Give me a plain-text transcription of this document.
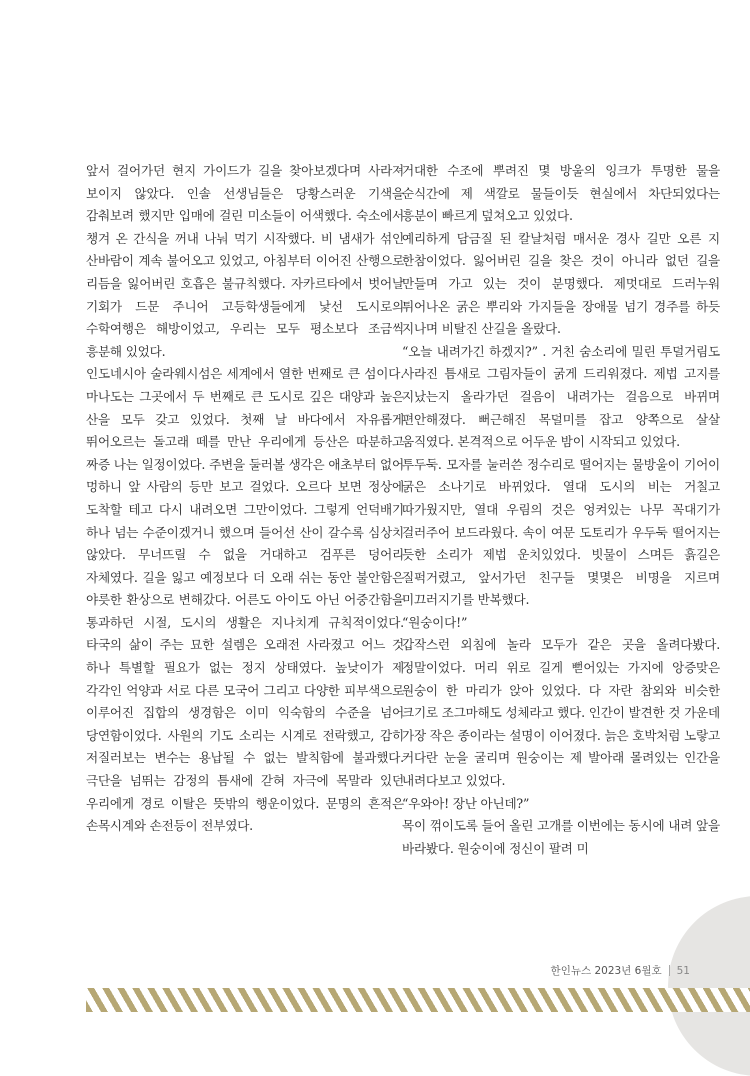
앞서 걸어가던 현지 가이드가 길을 찾아보겠다며 사라져 보이지 않았다. 인솔 선생님들은 당황스러운 기색을 감춰보려 했지만 입매에 걸린 미소들이 어색했다. 숙소에서 챙겨 온 간식을 꺼내 나눠 먹기 시작했다. 비 냄새가 섞인 산바람이 계속 불어오고 있었고, 아침부터 이어진 산행으로 리듬을 잃어버린 호흡은 불규칙했다. 자카르타에서 벗어날 기회가 드문 주니어 고등학생들에게 낯선 도시로의 수학여행은 해방이었고, 우리는 모두 평소보다 조금씩 흥분해 있었다.

인도네시아 술라웨시섬은 세계에서 열한 번째로 큰 섬이다. 마나도는 그곳에서 두 번째로 큰 도시로 깊은 대양과 높은 산을 모두 갖고 있었다. 첫째 날 바다에서 자유롭게 뛰어오르는 돌고래 떼를 만난 우리에게 등산은 따분하고 짜증 나는 일정이었다. 주변을 둘러볼 생각은 애초부터 없어 멍하니 앞 사람의 등만 보고 걸었다. 오르다 보면 정상에 도착할 테고 다시 내려오면 그만이었다. 그렇게 언덕배기 하나 넘는 수준이겠거니 했으며 들어선 산이 갈수록 심상치 않았다. 무너뜨릴 수 없을 거대하고 검푸른 덩어리 자체였다. 길을 잃고 예정보다 더 오래 쉬는 동안 불안함은 야릇한 환상으로 변해갔다. 어른도 아이도 아닌 어중간함을 통과하던 시절, 도시의 생활은 지나치게 규칙적이었다. 타국의 삶이 주는 묘한 설렘은 오래전 사라졌고 어느 것 하나 특별할 필요가 없는 정지 상태였다. 높낮이가 제 각각인 억양과 서로 다른 모국어 그리고 다양한 피부색으로 이루어진 집합의 생경함은 이미 익숙함의 수준을 넘어 당연함이었다. 사원의 기도 소리는 시계로 전락했고, 감히 저질러보는 변수는 용납될 수 없는 발칙함에 불과했다. 극단을 넘뛰는 감정의 틈새에 갇혀 자극에 목말라 있던 우리에게 경로 이탈은 뜻밖의 행운이었다. 문명의 흔적은 손목시계와 손전등이 전부였다.

거대한 수조에 뿌려진 몇 방울의 잉크가 투명한 물을 순식간에 제 색깔로 물들이듯 현실에서 차단되었다는 흥분이 빠르게 덮쳐오고 있었다.

예리하게 담금질 된 칼날처럼 매서운 경사 길만 오른 지 한참이었다. 잃어버린 길을 찾은 것이 아니라 없던 길을 만들며 가고 있는 것이 분명했다. 제멋대로 드러누워 튀어나온 굵은 뿌리와 가지들을 장애물 넘기 경주를 하듯 지나며 비탈진 산길을 올랐다.

“오늘 내려가긴 하겠지?” . 거친 숨소리에 밀린 투덜거림도 사라진 틈새로 그림자들이 굵게 드리워졌다. 제법 고지를 지났는지 올라가던 걸음이 내려가는 걸음으로 바뀌며 편안해졌다. 뻐근해진 목덜미를 잡고 양쪽으로 살살 움직였다. 본격적으로 어두운 밤이 시작되고 있었다.

투두둑. 모자를 눌러쓴 정수리로 떨어지는 물방울이 기어이 굵은 소나기로 바뀌었다. 열대 도시의 비는 거칠고 따가웠지만, 열대 우림의 것은 엉켜있는 나무 꼭대기가 걸러주어 보드라웠다. 속이 여문 도토리가 우두둑 떨어지는 듯한 소리가 제법 운치있었다. 빗물이 스며든 흙길은 질퍽거렸고, 앞서가던 친구들 몇몇은 비명을 지르며 미끄러지기를 반복했다.

“원숭이다!”

갑작스런 외침에 놀라 모두가 같은 곳을 올려다봤다. 정말이었다. 머리 위로 길게 뻗어있는 가지에 앙증맞은 원숭이 한 마리가 앉아 있었다. 다 자란 참외와 비슷한 크기로 조그마해도 성체라고 했다. 인간이 발견한 것 가운데 가장 작은 종이라는 설명이 이어졌다. 늙은 호박처럼 노랗고 커다란 눈을 굴리며 원숭이는 제 발아래 몰려있는 인간을 내려다보고 있었다.

“우와아! 장난 아닌데?”

목이 꺾이도록 들어 올린 고개를 이번에는 동시에 내려 앞을 바라봤다. 원숭이에 정신이 팔려 미

한인뉴스 2023년 6월호 51
